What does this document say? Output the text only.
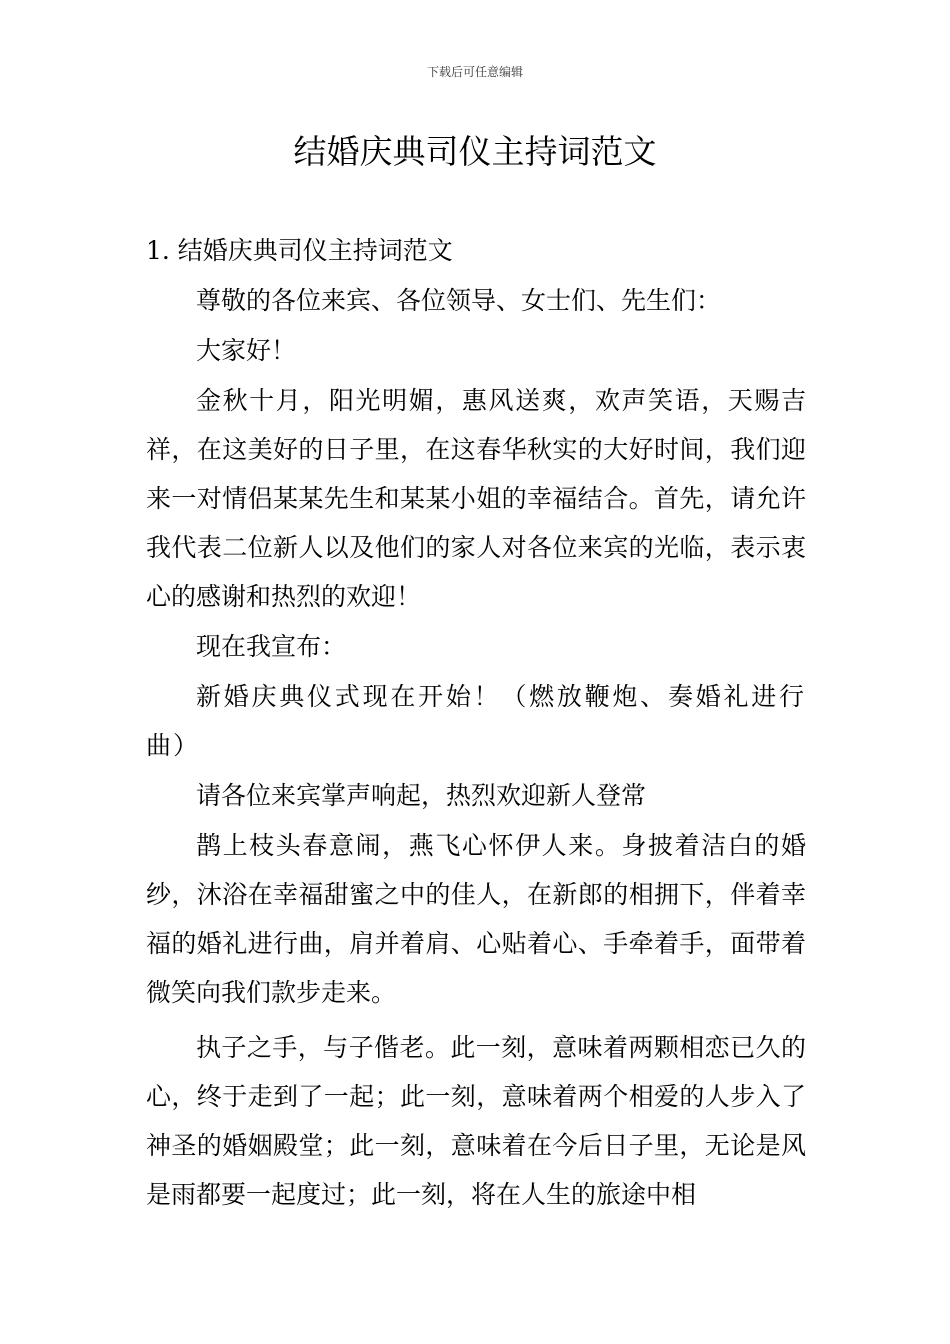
下载后可任意编辑
结婚庆典司仪主持词范文

1. 结婚庆典司仪主持词范文

尊敬的各位来宾、各位领导、女士们、先生们：

大家好！

金秋十月，阳光明媚，惠风送爽，欢声笑语，天赐吉祥，在这美好的日子里，在这春华秋实的大好时间，我们迎来一对情侣某某先生和某某小姐的幸福结合。首先，请允许我代表二位新人以及他们的家人对各位来宾的光临，表示衷心的感谢和热烈的欢迎！

现在我宣布：

新婚庆典仪式现在开始！（燃放鞭炮、奏婚礼进行曲）

请各位来宾掌声响起，热烈欢迎新人登常

鹊上枝头春意闹，燕飞心怀伊人来。身披着洁白的婚纱，沐浴在幸福甜蜜之中的佳人，在新郎的相拥下，伴着幸福的婚礼进行曲，肩并着肩、心贴着心、手牵着手，面带着微笑向我们款步走来。

执子之手，与子偕老。此一刻，意味着两颗相恋已久的心，终于走到了一起；此一刻，意味着两个相爱的人步入了神圣的婚姻殿堂；此一刻，意味着在今后日子里，无论是风是雨都要一起度过；此一刻，将在人生的旅途中相
